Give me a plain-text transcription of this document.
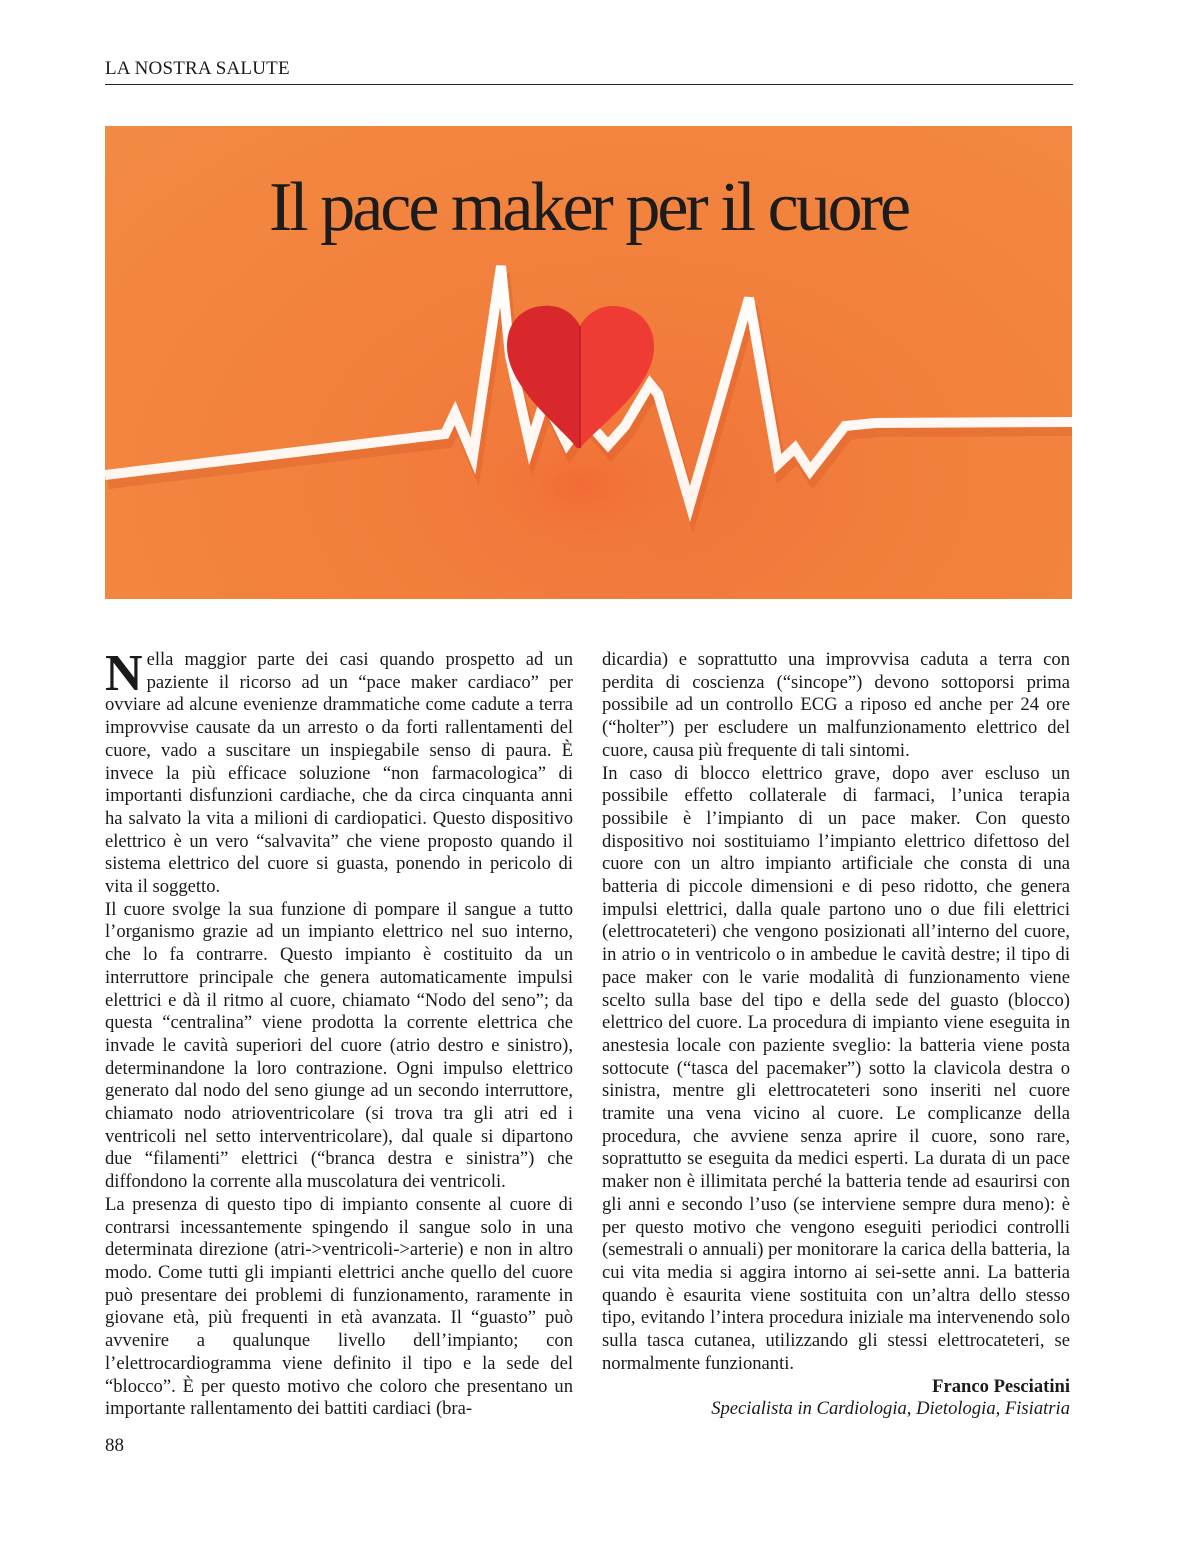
LA NOSTRA SALUTE
Il pace maker per il cuore

Nella maggior parte dei casi quando prospetto ad un paziente il ricorso ad un “pace maker cardiaco” per ovviare ad alcune evenienze drammatiche come cadute a terra improvvise causate da un arresto o da forti rallentamenti del cuore, vado a suscitare un inspiegabile senso di paura. È invece la più efficace soluzione “non farmacologica” di importanti disfunzioni cardiache, che da circa cinquanta anni ha salvato la vita a milioni di cardiopatici. Questo dispositivo elettrico è un vero “salvavita” che viene proposto quando il sistema elettrico del cuore si guasta, ponendo in pericolo di vita il soggetto.

Il cuore svolge la sua funzione di pompare il sangue a tutto l’organismo grazie ad un impianto elettrico nel suo interno, che lo fa contrarre. Questo impianto è costituito da un interruttore principale che genera automaticamente impulsi elettrici e dà il ritmo al cuore, chiamato “Nodo del seno”; da questa “centralina” viene prodotta la corrente elettrica che invade le cavità superiori del cuore (atrio destro e sinistro), determinandone la loro contrazione. Ogni impulso elettrico generato dal nodo del seno giunge ad un secondo interruttore, chiamato nodo atrioventricolare (si trova tra gli atri ed i ventricoli nel setto interventricolare), dal quale si dipartono due “filamenti” elettrici (“branca destra e sinistra”) che diffondono la corrente alla muscolatura dei ventricoli.

La presenza di questo tipo di impianto consente al cuore di contrarsi incessantemente spingendo il sangue solo in una determinata direzione (atri->ventricoli->arterie) e non in altro modo. Come tutti gli impianti elettrici anche quello del cuore può presentare dei problemi di funzionamento, raramente in giovane età, più frequenti in età avanzata. Il “guasto” può avvenire a qualunque livello dell’impianto; con l’elettrocardiogramma viene definito il tipo e la sede del “blocco”. È per questo motivo che coloro che presentano un importante rallentamento dei battiti cardiaci (bra-

dicardia) e soprattutto una improvvisa caduta a terra con perdita di coscienza (“sincope”) devono sottoporsi prima possibile ad un controllo ECG a riposo ed anche per 24 ore (“holter”) per escludere un malfunzionamento elettrico del cuore, causa più frequente di tali sintomi.

In caso di blocco elettrico grave, dopo aver escluso un possibile effetto collaterale di farmaci, l’unica terapia possibile è l’impianto di un pace maker. Con questo dispositivo noi sostituiamo l’impianto elettrico difettoso del cuore con un altro impianto artificiale che consta di una batteria di piccole dimensioni e di peso ridotto, che genera impulsi elettrici, dalla quale partono uno o due fili elettrici (elettrocateteri) che vengono posizionati all’interno del cuore, in atrio o in ventricolo o in ambedue le cavità destre; il tipo di pace maker con le varie modalità di funzionamento viene scelto sulla base del tipo e della sede del guasto (blocco) elettrico del cuore. La procedura di impianto viene eseguita in anestesia locale con paziente sveglio: la batteria viene posta sottocute (“tasca del pacemaker”) sotto la clavicola destra o sinistra, mentre gli elettrocateteri sono inseriti nel cuore tramite una vena vicino al cuore. Le complicanze della procedura, che avviene senza aprire il cuore, sono rare, soprattutto se eseguita da medici esperti. La durata di un pace maker non è illimitata perché la batteria tende ad esaurirsi con gli anni e secondo l’uso (se interviene sempre dura meno): è per questo motivo che vengono eseguiti periodici controlli (semestrali o annuali) per monitorare la carica della batteria, la cui vita media si aggira intorno ai sei-sette anni. La batteria quando è esaurita viene sostituita con un’altra dello stesso tipo, evitando l’intera procedura iniziale ma intervenendo solo sulla tasca cutanea, utilizzando gli stessi elettrocateteri, se normalmente funzionanti.

Franco Pesciatini

Specialista in Cardiologia, Dietologia, Fisiatria

88
